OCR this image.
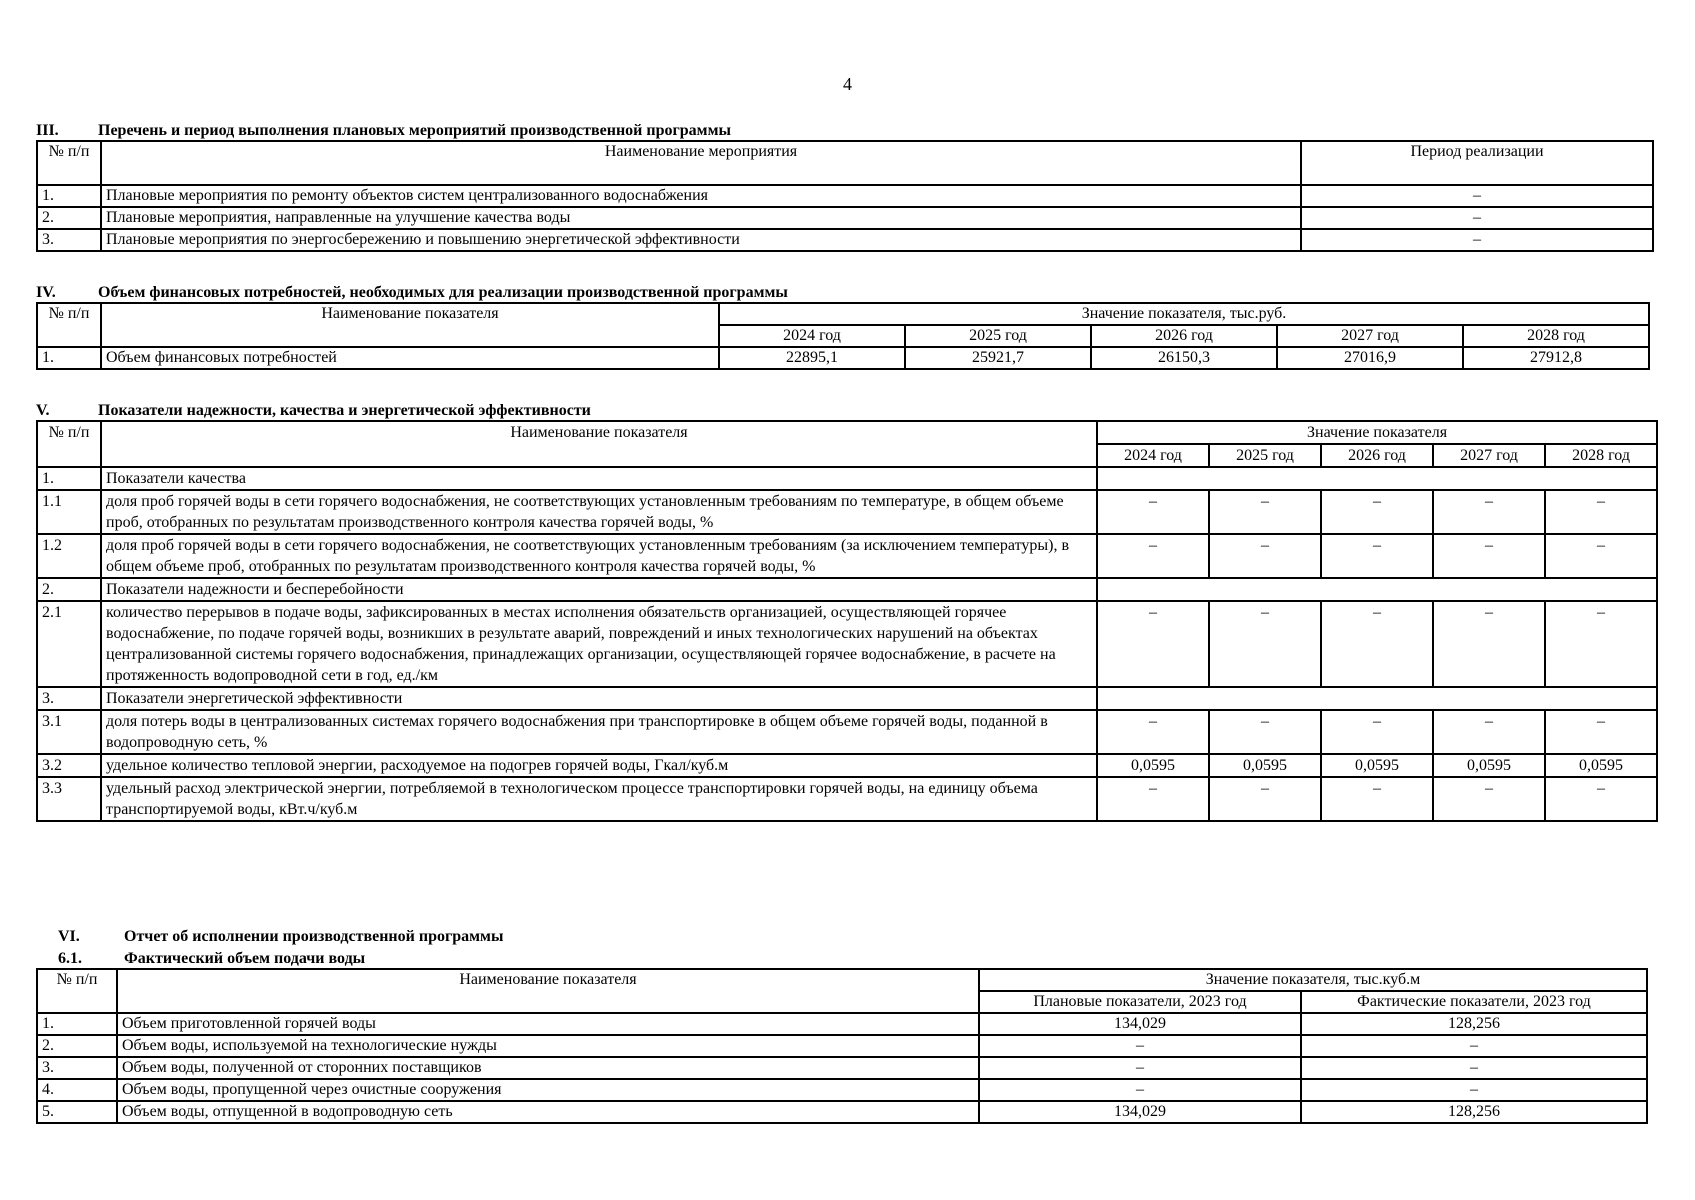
4
III. Перечень и период выполнения плановых мероприятий производственной программы
№ п/п	Наименование мероприятия	Период реализации
1.	Плановые мероприятия по ремонту объектов систем централизованного водоснабжения	–
2.	Плановые мероприятия, направленные на улучшение качества воды	–
3.	Плановые мероприятия по энергосбережению и повышению энергетической эффективности	–
IV.	Объем финансовых потребностей, необходимых для реализации производственной программы
№ п/п	Наименование показателя	Значение показателя, тыс.руб.				
		2024 год	2025 год	2026 год	2027 год	2028 год
1.	Объем финансовых потребностей	22895,1	25921,7	26150,3	27016,9	27912,8
V.	Показатели надежности, качества и энергетической эффективности
№ п/п	Наименование показателя	Значение показателя				
		2024 год	2025 год	2026 год	2027 год	2028 год
1.	Показатели качества					
1.1	доля проб горячей воды в сети горячего водоснабжения, не соответствующих установленным требованиям по температуре, в общем объеме проб, отобранных по результатам производственного контроля качества горячей воды, %	–	–	–	–	–
1.2	доля проб горячей воды в сети горячего водоснабжения, не соответствующих установленным требованиям (за исключением температуры), в общем объеме проб, отобранных по результатам производственного контроля качества горячей воды, %	–	–	–	–	–
2.	Показатели надежности и бесперебойности					
2.1	количество перерывов в подаче воды, зафиксированных в местах исполнения обязательств организацией, осуществляющей горячее водоснабжение, по подаче горячей воды, возникших в результате аварий, повреждений и иных технологических нарушений на объектах централизованной системы горячего водоснабжения, принадлежащих организации, осуществляющей горячее водоснабжение, в расчете на протяженность водопроводной сети в год, ед./км	–	–	–	–	–
3.	Показатели энергетической эффективности					
3.1	доля потерь воды в централизованных системах горячего водоснабжения при транспортировке в общем объеме горячей воды, поданной в водопроводную сеть, %	–	–	–	–	–
3.2	удельное количество тепловой энергии, расходуемое на подогрев горячей воды, Гкал/куб.м	0,0595	0,0595	0,0595	0,0595	0,0595
3.3	удельный расход электрической энергии, потребляемой в технологическом процессе транспортировки горячей воды, на единицу объема транспортируемой воды, кВт.ч/куб.м	–	–	–	–	–
VI.	Отчет об исполнении производственной программы
6.1.	Фактический объем подачи воды
№ п/п	Наименование показателя	Значение показателя, тыс.куб.м	
		Плановые показатели, 2023 год	Фактические показатели, 2023 год
1.	Объем приготовленной горячей воды	134,029	128,256
2.	Объем воды, используемой на технологические нужды	–	–
3.	Объем воды, полученной от сторонних поставщиков	–	–
4.	Объем воды, пропущенной через очистные сооружения	–	–
5.	Объем воды, отпущенной в водопроводную сеть	134,029	128,256
